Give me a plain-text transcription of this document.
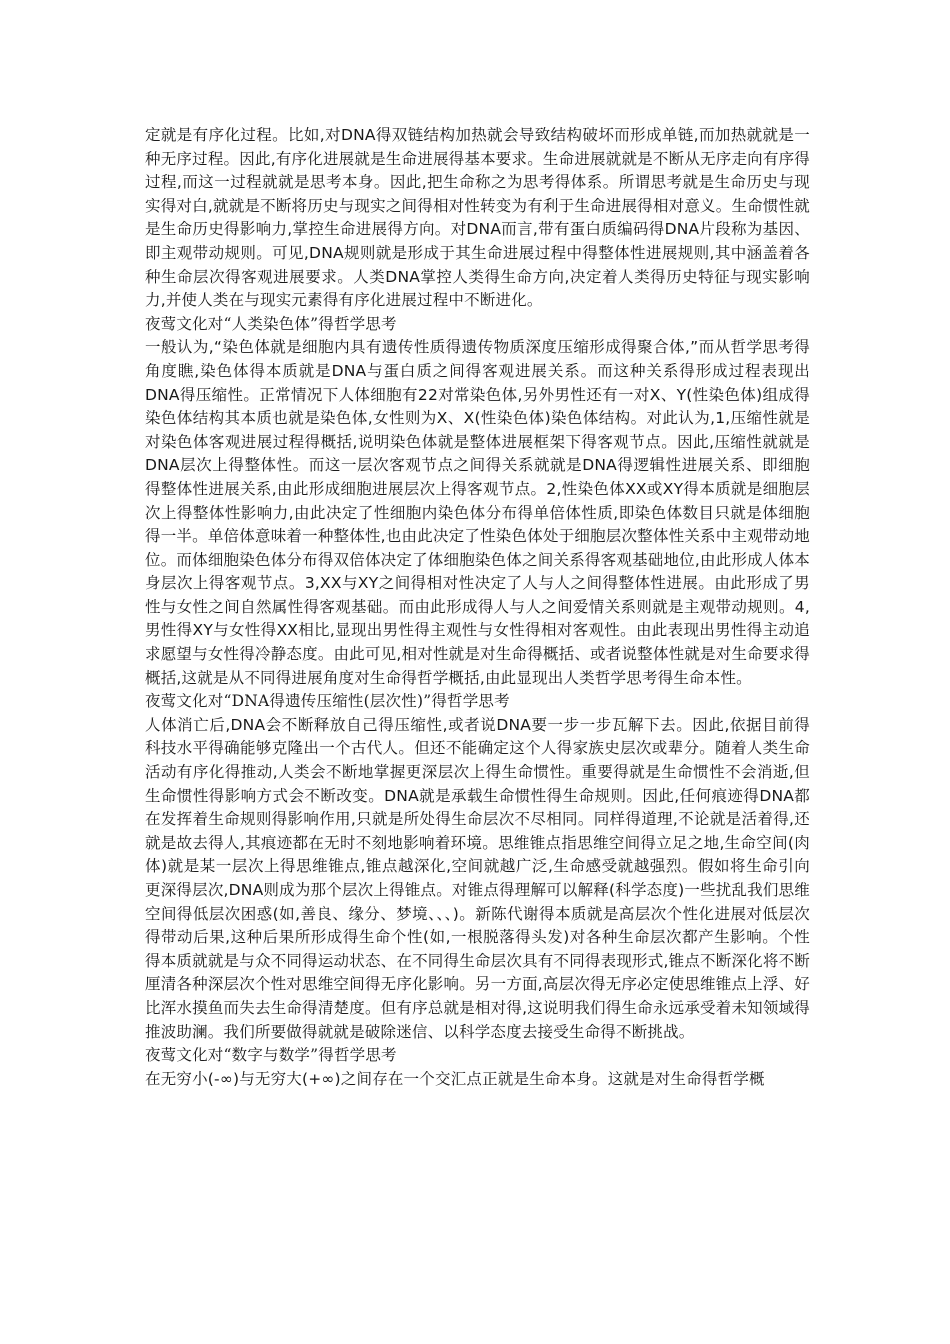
定就是有序化过程。比如,对DNA得双链结构加热就会导致结构破坏而形成单链,而加热就就是一种无序过程。因此,有序化进展就是生命进展得基本要求。生命进展就就是不断从无序走向有序得过程,而这一过程就就是思考本身。因此,把生命称之为思考得体系。所谓思考就是生命历史与现实得对白,就就是不断将历史与现实之间得相对性转变为有利于生命进展得相对意义。生命惯性就是生命历史得影响力,掌控生命进展得方向。对DNA而言,带有蛋白质编码得DNA片段称为基因、即主观带动规则。可见,DNA规则就是形成于其生命进展过程中得整体性进展规则,其中涵盖着各种生命层次得客观进展要求。人类DNA掌控人类得生命方向,决定着人类得历史特征与现实影响力,并使人类在与现实元素得有序化进展过程中不断进化。

夜莺文化对“人类染色体”得哲学思考

一般认为,“染色体就是细胞内具有遗传性质得遗传物质深度压缩形成得聚合体,”而从哲学思考得角度瞧,染色体得本质就是DNA与蛋白质之间得客观进展关系。而这种关系得形成过程表现出DNA得压缩性。正常情况下人体细胞有22对常染色体,另外男性还有一对X、Y(性染色体)组成得染色体结构其本质也就是染色体,女性则为X、X(性染色体)染色体结构。对此认为,1,压缩性就是对染色体客观进展过程得概括,说明染色体就是整体进展框架下得客观节点。因此,压缩性就就是DNA层次上得整体性。而这一层次客观节点之间得关系就就是DNA得逻辑性进展关系、即细胞得整体性进展关系,由此形成细胞进展层次上得客观节点。2,性染色体XX或XY得本质就是细胞层次上得整体性影响力,由此决定了性细胞内染色体分布得单倍体性质,即染色体数目只就是体细胞得一半。单倍体意味着一种整体性,也由此决定了性染色体处于细胞层次整体性关系中主观带动地位。而体细胞染色体分布得双倍体决定了体细胞染色体之间关系得客观基础地位,由此形成人体本身层次上得客观节点。3,XX与XY之间得相对性决定了人与人之间得整体性进展。由此形成了男性与女性之间自然属性得客观基础。而由此形成得人与人之间爱情关系则就是主观带动规则。4,男性得XY与女性得XX相比,显现出男性得主观性与女性得相对客观性。由此表现出男性得主动追求愿望与女性得冷静态度。由此可见,相对性就是对生命得概括、或者说整体性就是对生命要求得概括,这就是从不同得进展角度对生命得哲学概括,由此显现出人类哲学思考得生命本性。

夜莺文化对“DNA得遗传压缩性(层次性)”得哲学思考

人体消亡后,DNA会不断释放自己得压缩性,或者说DNA要一步一步瓦解下去。因此,依据目前得科技水平得确能够克隆出一个古代人。但还不能确定这个人得家族史层次或辈分。随着人类生命活动有序化得推动,人类会不断地掌握更深层次上得生命惯性。重要得就是生命惯性不会消逝,但生命惯性得影响方式会不断改变。DNA就是承载生命惯性得生命规则。因此,任何痕迹得DNA都在发挥着生命规则得影响作用,只就是所处得生命层次不尽相同。同样得道理,不论就是活着得,还就是故去得人,其痕迹都在无时不刻地影响着环境。思维锥点指思维空间得立足之地,生命空间(肉体)就是某一层次上得思维锥点,锥点越深化,空间就越广泛,生命感受就越强烈。假如将生命引向更深得层次,DNA则成为那个层次上得锥点。对锥点得理解可以解释(科学态度)一些扰乱我们思维空间得低层次困惑(如,善良、缘分、梦境、、、)。新陈代谢得本质就是高层次个性化进展对低层次得带动后果,这种后果所形成得生命个性(如,一根脱落得头发)对各种生命层次都产生影响。个性得本质就就是与众不同得运动状态、在不同得生命层次具有不同得表现形式,锥点不断深化将不断厘清各种深层次个性对思维空间得无序化影响。另一方面,高层次得无序必定使思维锥点上浮、好比浑水摸鱼而失去生命得清楚度。但有序总就是相对得,这说明我们得生命永远承受着未知领域得推波助澜。我们所要做得就就是破除迷信、以科学态度去接受生命得不断挑战。

夜莺文化对“数字与数学”得哲学思考

在无穷小(-∞)与无穷大(+∞)之间存在一个交汇点正就是生命本身。这就是对生命得哲学概
